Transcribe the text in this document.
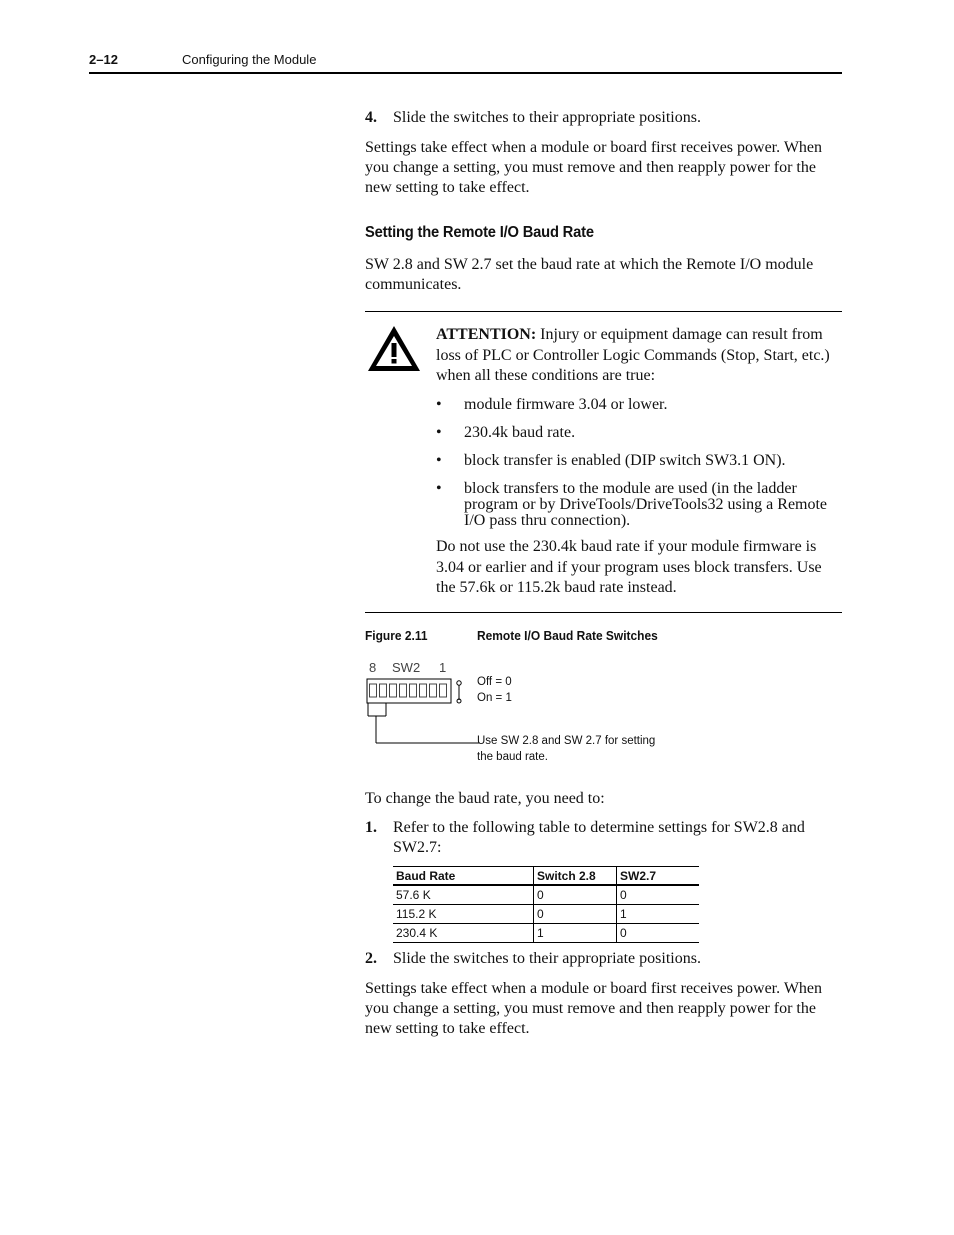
2–12	Configuring the Module
4. Slide the switches to their appropriate positions.
Settings take effect when a module or board first receives power. When you change a setting, you must remove and then reapply power for the new setting to take effect.
Setting the Remote I/O Baud Rate
SW 2.8 and SW 2.7 set the baud rate at which the Remote I/O module communicates.
ATTENTION: Injury or equipment damage can result from loss of PLC or Controller Logic Commands (Stop, Start, etc.) when all these conditions are true:
• module firmware 3.04 or lower.
• 230.4k baud rate.
• block transfer is enabled (DIP switch SW3.1 ON).
• block transfers to the module are used (in the ladder program or by DriveTools/DriveTools32 using a Remote I/O pass thru connection).
Do not use the 230.4k baud rate if your module firmware is 3.04 or earlier and if your program uses block transfers. Use the 57.6k or 115.2k baud rate instead.
Figure 2.11	Remote I/O Baud Rate Switches
8 SW2 1
Off = 0
On = 1
Use SW 2.8 and SW 2.7 for setting
the baud rate.
To change the baud rate, you need to:
1. Refer to the following table to determine settings for SW2.8 and SW2.7:
Baud Rate	Switch 2.8	SW2.7
57.6 K	0	0
115.2 K	0	1
230.4 K	1	0
2. Slide the switches to their appropriate positions.
Settings take effect when a module or board first receives power. When you change a setting, you must remove and then reapply power for the new setting to take effect.
